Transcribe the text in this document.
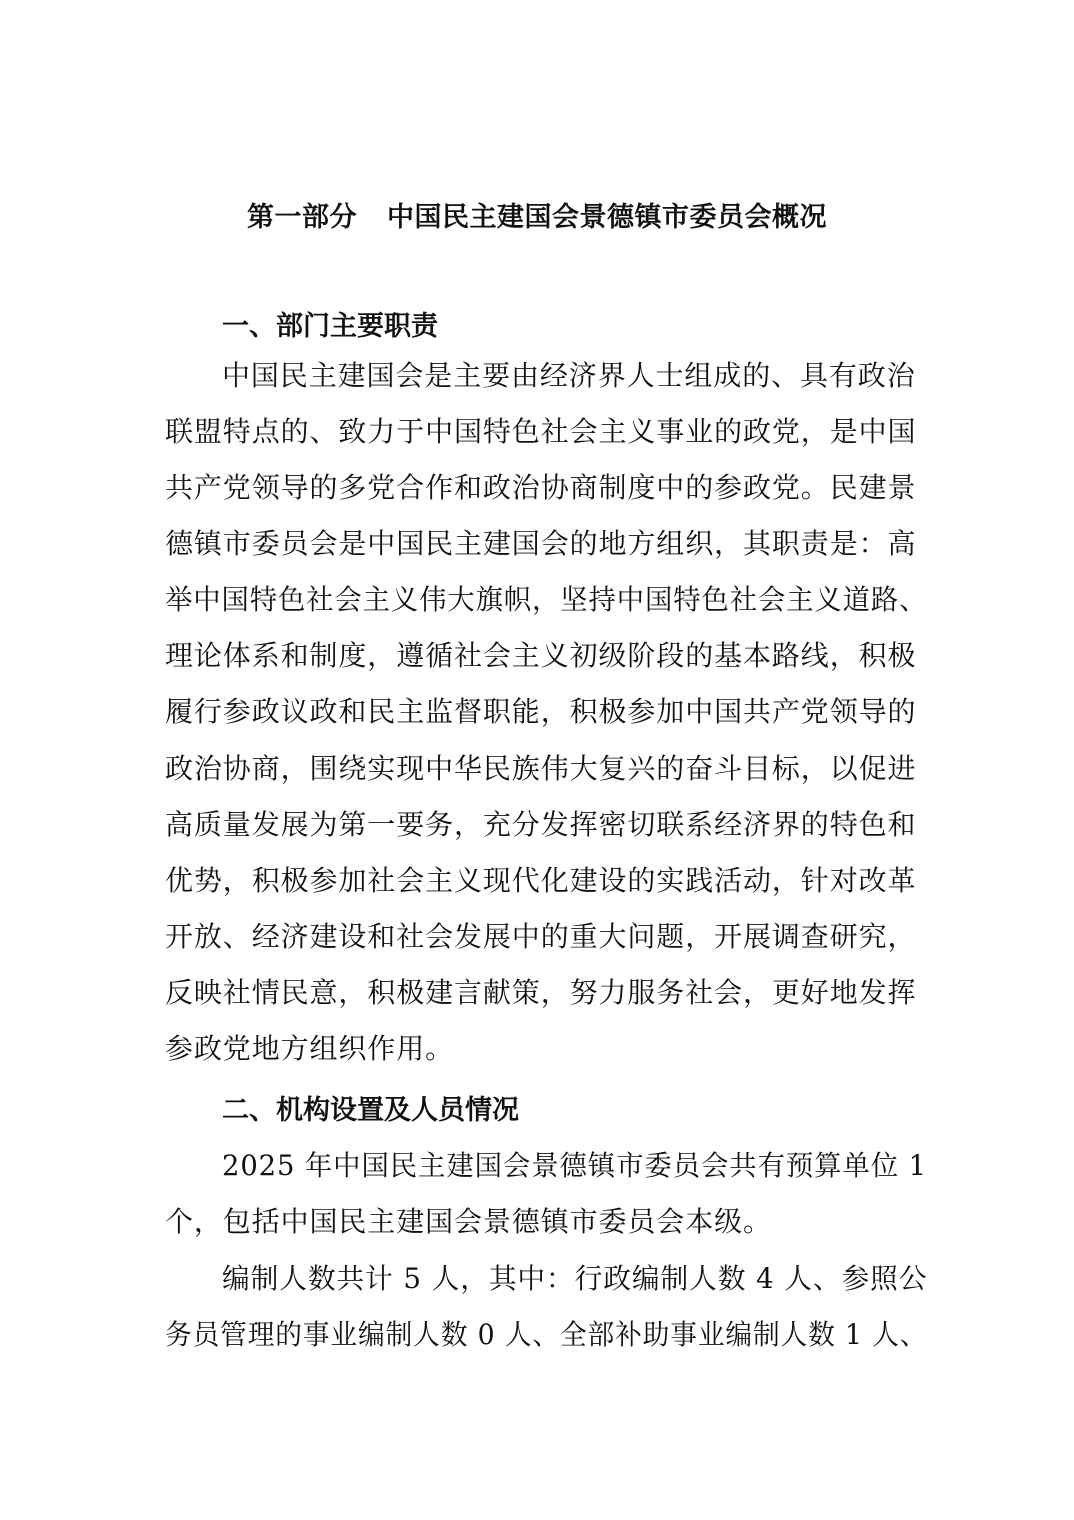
第一部分 中国民主建国会景德镇市委员会概况
一、部门主要职责
中国民主建国会是主要由经济界人士组成的、具有政治
联盟特点的、致力于中国特色社会主义事业的政党，是中国
共产党领导的多党合作和政治协商制度中的参政党。民建景
德镇市委员会是中国民主建国会的地方组织，其职责是：高
举中国特色社会主义伟大旗帜，坚持中国特色社会主义道路、
理论体系和制度，遵循社会主义初级阶段的基本路线，积极
履行参政议政和民主监督职能，积极参加中国共产党领导的
政治协商，围绕实现中华民族伟大复兴的奋斗目标，以促进
高质量发展为第一要务，充分发挥密切联系经济界的特色和
优势，积极参加社会主义现代化建设的实践活动，针对改革
开放、经济建设和社会发展中的重大问题，开展调查研究，
反映社情民意，积极建言献策，努力服务社会，更好地发挥
参政党地方组织作用。
二、机构设置及人员情况
2025 年中国民主建国会景德镇市委员会共有预算单位 1
个，包括中国民主建国会景德镇市委员会本级。
编制人数共计 5 人，其中：行政编制人数 4 人、参照公
务员管理的事业编制人数 0 人、全部补助事业编制人数 1 人、
